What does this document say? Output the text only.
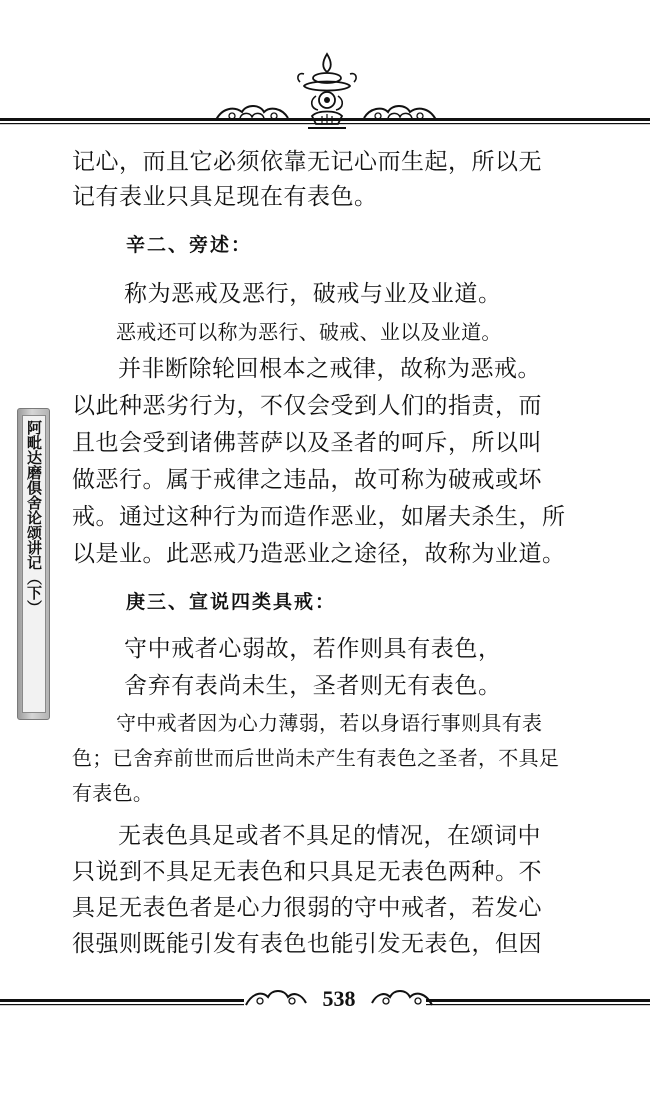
阿毗达磨俱舍论颂讲记（下）
记心，而且它必须依靠无记心而生起，所以无
记有表业只具足现在有表色。
辛二、旁述：
称为恶戒及恶行，破戒与业及业道。
恶戒还可以称为恶行、破戒、业以及业道。
并非断除轮回根本之戒律，故称为恶戒。
以此种恶劣行为，不仅会受到人们的指责，而
且也会受到诸佛菩萨以及圣者的呵斥，所以叫
做恶行。属于戒律之违品，故可称为破戒或坏
戒。通过这种行为而造作恶业，如屠夫杀生，所
以是业。此恶戒乃造恶业之途径，故称为业道。
庚三、宣说四类具戒：
守中戒者心弱故，若作则具有表色，
舍弃有表尚未生，圣者则无有表色。
守中戒者因为心力薄弱，若以身语行事则具有表
色；已舍弃前世而后世尚未产生有表色之圣者，不具足
有表色。
无表色具足或者不具足的情况，在颂词中
只说到不具足无表色和只具足无表色两种。不
具足无表色者是心力很弱的守中戒者，若发心
很强则既能引发有表色也能引发无表色，但因
538
